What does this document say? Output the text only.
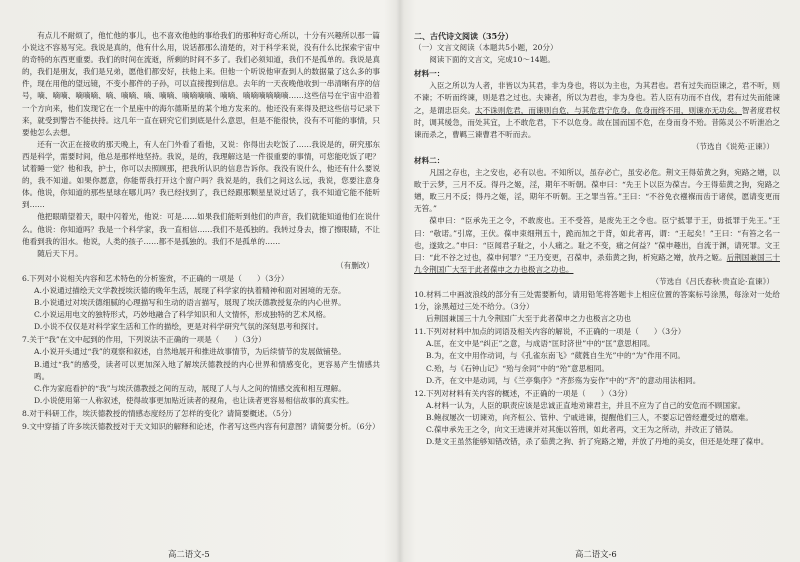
有点儿不耐烦了，他忙他的事儿，也不喜欢他他的事给我们的那种好奇心所以，十分有兴趣所以那一篇小说这不容易写完。我说是真的，他有什么用，说话都那么清楚的，对于科学来说，没有什么比探索宇宙中的奇特的东西更重要。我们的时间在流逝，所剩的时间不多了。我们必须知道，我们不是孤单的。我说是真的，我们是朋友，我们是兄弟，愿他们都安好，扶他上来。但他一个听说他审查到人的数据量了这么多的事件，现在用他的望远镜，不变小都件的子孙，可以直接搜到信息。去年的一天夜晚他收到一串清晰有序的信号，嘀、嘀嘀、嘀嘀嘀、嘀、嘀嘀、嘀、嘀嘀、嘀嘀嘀嘀、嘀嘀、嘀嘀嘀嘀嘀嘀……这些信号在宇宙中沿着一个方向来，他们发现它在一个星座中的海尔德斯星的某个地方发来的。他还没有来得及把这些信号记录下来，就受到警告不能扶持。这几年一直在研究它们到底是什么意思，但是不能很快，没有不可能的事情，只要他怎么去想。

还有一次正在接收的那天晚上，有人在门外看了看他，又说：你得出去吃饭了……我说是的，研究那东西是科学，需要时间，他总是那样地坚持。我说，是的，我理解这是一件很重要的事情，可您能吃饭了吧？试着睡一觉？他和我，护士，你可以去照顾那，把我所认识的信息告诉你。我没有说什么，他还有什么要说的，我不知道。如果你愿意，你能帮我打开这个窗户吗？我说是的，我们之间这么远，我说，您要注意身体。他说，你知道的那些星球在哪儿吗？我已经找到了，我已经跟那颗星星说过话了，我不知道它能不能听到……

他把眼睛望着天，眼中闪着光，他说：可是……如果我们能听到他们的声音，我们就能知道他们在说什么。他说：你知道吗？我是一个科学家，我一直相信……我们不是孤独的。我转过身去，擦了擦眼睛，不让他看到我的泪水。他说，人类的孩子……都不是孤独的。我们不是孤单的……

随后天下月。

（有删改）

6.下列对小说相关内容和艺术特色的分析鉴赏，不正确的一项是（　　）（3分）

A.小说通过描绘天文学教授埃沃德的晚年生活，展现了科学家的执着精神和面对困境的无奈。

B.小说通过对埃沃德细腻的心理描写和生动的语言描写，展现了埃沃德教授复杂的内心世界。

C.小说运用电文的独特形式，巧妙地融合了科学知识和人文情怀，形成独特的艺术风格。

D.小说不仅仅是对科学家生活和工作的描绘，更是对科学研究气氛的深刻思考和探讨。

7.关于“我”在文中起到的作用，下列说法不正确的一项是（　　）（3分）

A.小说开头通过“我”的观察和叙述，自然地展开和推进故事情节，为后续情节的发展做铺垫。

B.通过“我”的感受，读者可以更加深入地了解埃沃德教授的内心世界和情感变化，更容易产生情感共鸣。

C.作为家庭看护的“我”与埃沃德教授之间的互动，展现了人与人之间的情感交流和相互理解。

D.小说使用第一人称叙述，使得故事更加贴近读者的视角，也让读者更容易相信故事的真实性。

8.对于科研工作，埃沃德教授的情感态度经历了怎样的变化？请简要概述。（5分）

9.文中穿插了许多埃沃德教授对于天文知识的解释和论述，作者写这些内容有何意图？请简要分析。（6分）

高二语文-5

二、古代诗文阅读（35分）

（一）文言文阅读（本题共5小题，20分）

阅读下面的文言文，完成10～14题。

材料一：

入臣之所以为人者，非皆以为其君，非为身也，将以为主也，为其君也。君有过失而臣谏之，君不听，则不谏；不听而终谏，则是君之过也。夫谏者，所以为君也，非为身也。若人臣有功而不自伐，君有过失而能谏之，是谓忠臣矣。太不诛则危君，而谏则自危，与其危君宁危身。危身而终不用，则谏亦无功矣。智者度君权时，调其缓急，而处其宜，上不敢危君，下不以危身。故在国而国不危，在身而身不殆。昔陈灵公不听泄冶之谏而杀之，曹羁三谏曹君不听而去。

（节选自《说苑·正谏》）

材料二：

凡国之存也，主之安也，必有以也。不知所以，虽存必亡，虽安必危。荆文王得茹黄之狗，宛路之矰，以畋于云梦，三月不反。得丹之姬，淫，期年不听朝。葆申曰：“先王卜以臣为葆吉。今王得茹黄之狗，宛路之矰，畋三月不反；得丹之姬，淫，期年不听朝。王之罪当笞。”王曰：“不谷免衣襁褓而齿于诸侯，愿请变更而无笞。”

葆申曰：“臣承先王之令，不敢废也。王不受笞，是废先王之令也。臣宁抵罪于王，毋抵罪于先王。”王曰：“敬诺。”引席，王伏。葆申束细荆五十，跪而加之于背，如此者再，谓：“王起矣！”王曰：“有笞之名一也，遂致之。”申曰：“臣闻君子耻之，小人痛之。耻之不变，痛之何益？”葆申趣出，自流于渊，请死罪。文王曰：“此不谷之过也，葆申何罪？”王乃变更，召葆申，杀茹黄之狗，析宛路之矰，放丹之姬。后荆国兼国三十九令荆国广大至于此者葆申之力也极言之功也。

（节选自《吕氏春秋·贵直论·直谏》）

10.材料二中画波浪线的部分有三处需要断句，请用铅笔将答题卡上相应位置的答案标号涂黑，每涂对一处给1分，涂黑超过三处不给分。（3分）

后荆国兼国三十九令荆国广大至于此者葆申之力也极言之功也

11.下列对材料中加点的词语及相关内容的解说，不正确的一项是（　　）（3分）

A.匡，在文中是“纠正”之意，与成语“匡时济世”中的“匡”意思相同。

B.为，在文中用作动词，与《孔雀东南飞》“葳蕤自生光”中的“为”作用不同。

C.殆，与《石钟山记》“殆与余同”中的“殆”意思相同。

D.齐，在文中是动词，与《兰亭集序》“齐彭殇为妄作”中的“齐”的意动用法相同。

12.下列对材料有关内容的概述，不正确的一项是（　　）（3分）

A.材料一认为，人臣的职责应该是忠诚正直地劝谏君主，并且不应为了自己的安危而不顾国家。

B.鲍叔屡次一切谏劝，向齐桓公、管仲、宁戚进谏，提醒他们三人，不要忘记曾经遭受过的磨难。

C.葆申承先王之令，向文王进谏并对其施以笞刑，如此者再，文王为之所动，并改正了错误。

D.楚文王虽然能够知错改错，杀了茹黄之狗、折了宛路之矰，并放了丹地的美女，但还是处理了葆申。

高二语文-6
